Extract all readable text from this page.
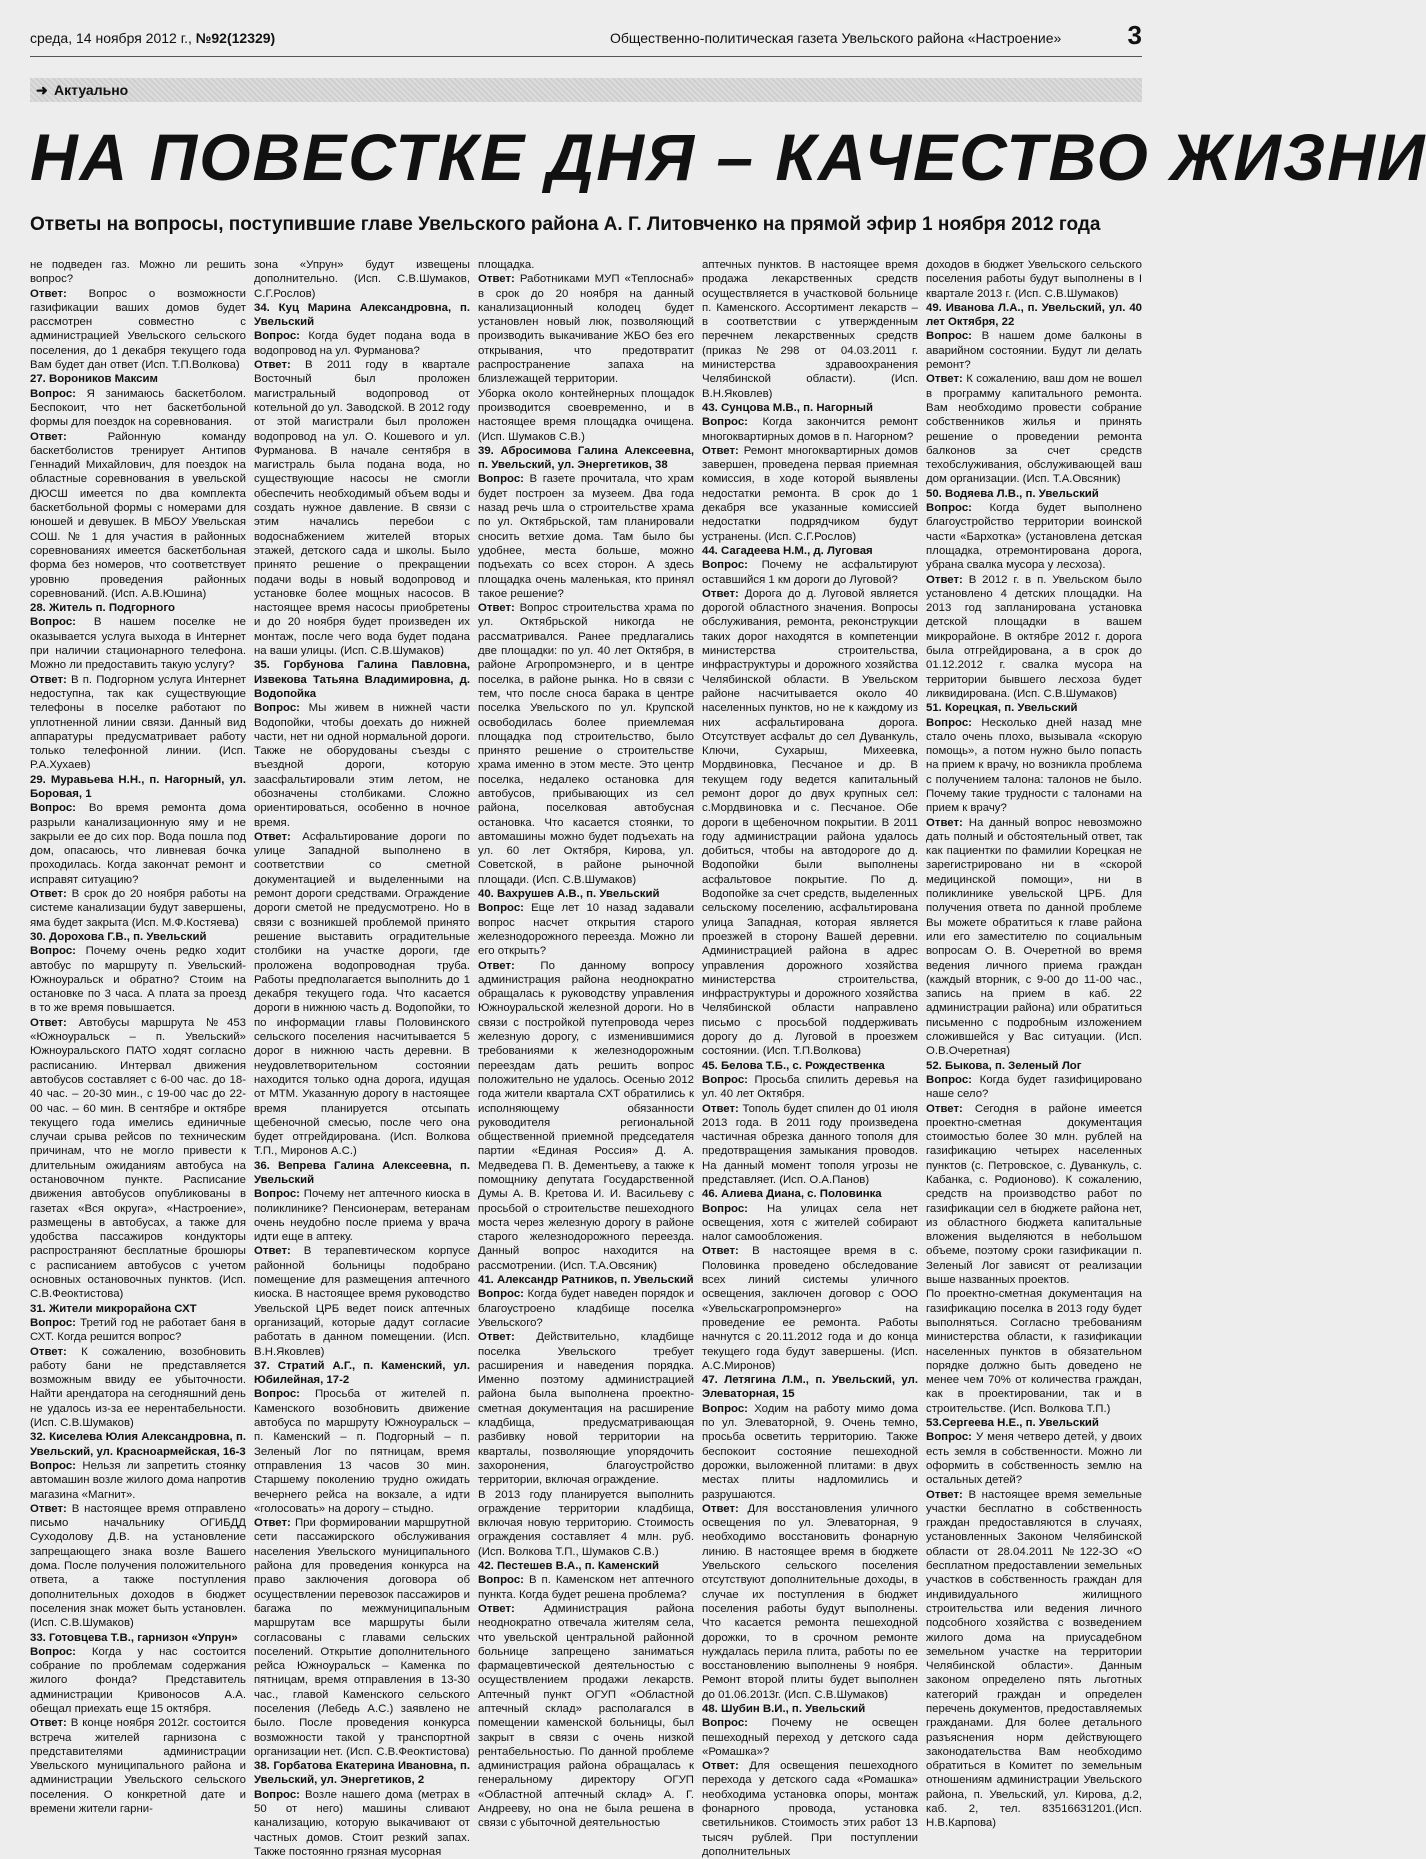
среда, 14 ноября 2012 г., №92(12329)	Общественно-политическая газета Увельского района «Настроение»	3
➜ Актуально
НА ПОВЕСТКЕ ДНЯ – КАЧЕСТВО ЖИЗНИ
Ответы на вопросы, поступившие главе Увельского района А. Г. Литовченко на прямой эфир 1 ноября 2012 года

не подведен газ. Можно ли решить вопрос?

Ответ: Вопрос о возможности газификации ваших домов будет рассмотрен совместно с администрацией Увельского сельского поселения, до 1 декабря текущего года Вам будет дан ответ (Исп. Т.П.Волкова)

27. Вороников Максим

Вопрос: Я занимаюсь баскетболом. Беспокоит, что нет баскетбольной формы для поездок на соревнования.

Ответ: Районную команду баскетболистов тренирует Антипов Геннадий Михайлович, для поездок на областные соревнования в увельской ДЮСШ имеется по два комплекта баскетбольной формы с номерами для юношей и девушек. В МБОУ Увельская СОШ. № 1 для участия в районных соревнованиях имеется баскетбольная форма без номеров, что соответствует уровню проведения районных соревнований. (Исп. А.В.Юшина)

28. Житель п. Подгорного

Вопрос: В нашем поселке не оказывается услуга выхода в Интернет при наличии стационарного телефона. Можно ли предоставить такую услугу?

Ответ: В п. Подгорном услуга Интернет недоступна, так как существующие телефоны в поселке работают по уплотненной линии связи. Данный вид аппаратуры предусматривает работу только телефонной линии. (Исп. Р.А.Хухаев)

29. Муравьева Н.Н., п. Нагорный, ул. Боровая, 1

Вопрос: Во время ремонта дома разрыли канализационную яму и не закрыли ее до сих пор. Вода пошла под дом, опасаюсь, что ливневая бочка проходилась. Когда закончат ремонт и исправят ситуацию?

Ответ: В срок до 20 ноября работы на системе канализации будут завершены, яма будет закрыта (Исп. М.Ф.Костяева)

30. Дорохова Г.В., п. Увельский

Вопрос: Почему очень редко ходит автобус по маршруту п. Увельский-Южноуральск и обратно? Стоим на остановке по 3 часа. А плата за проезд в то же время повышается.

Ответ: Автобусы маршрута №453 «Южноуральск – п. Увельский» Южноуральского ПАТО ходят согласно расписанию. Интервал движения автобусов составляет с 6-00 час. до 18-40 час. – 20-30 мин., с 19-00 час до 22-00 час. – 60 мин. В сентябре и октябре текущего года имелись единичные случаи срыва рейсов по техническим причинам, что не могло привести к длительным ожиданиям автобуса на остановочном пункте. Расписание движения автобусов опубликованы в газетах «Вся округа», «Настроение», размещены в автобусах, а также для удобства пассажиров кондукторы распространяют бесплатные брошюры с расписанием автобусов с учетом основных остановочных пунктов. (Исп. С.В.Феоктистова)

31. Жители микрорайона СХТ

Вопрос: Третий год не работает баня в СХТ. Когда решится вопрос?

Ответ: К сожалению, возобновить работу бани не представляется возможным ввиду ее убыточности. Найти арендатора на сегодняшний день не удалось из-за ее нерентабельности. (Исп. С.В.Шумаков)

32. Киселева Юлия Александровна, п. Увельский, ул. Красноармейская, 16-3

Вопрос: Нельзя ли запретить стоянку автомашин возле жилого дома напротив магазина «Магнит».

Ответ: В настоящее время отправлено письмо начальнику ОГИБДД Суходолову Д.В. на установление запрещающего знака возле Вашего дома. После получения положительного ответа, а также поступления дополнительных доходов в бюджет поселения знак может быть установлен. (Исп. С.В.Шумаков)

33. Готовцева Т.В., гарнизон «Упрун»

Вопрос: Когда у нас состоится собрание по проблемам содержания жилого фонда? Представитель администрации Кривоносов А.А. обещал приехать еще 15 октября.

Ответ: В конце ноября 2012г. состоится встреча жителей гарнизона с представителями администрации Увельского муниципального района и администрации Увельского сельского поселения. О конкретной дате и времени жители гарни-

зона «Упрун» будут извещены дополнительно. (Исп. С.В.Шумаков, С.Г.Рослов)

34. Куц Марина Александровна, п. Увельский

Вопрос: Когда будет подана вода в водопровод на ул. Фурманова?

Ответ: В 2011 году в квартале Восточный был проложен магистральный водопровод от котельной до ул. Заводской. В 2012 году от этой магистрали был проложен водопровод на ул. О. Кошевого и ул. Фурманова. В начале сентября в магистраль была подана вода, но существующие насосы не смогли обеспечить необходимый объем воды и создать нужное давление. В связи с этим начались перебои с водоснабжением жителей вторых этажей, детского сада и школы. Было принято решение о прекращении подачи воды в новый водопровод и установке более мощных насосов. В настоящее время насосы приобретены и до 20 ноября будет произведен их монтаж, после чего вода будет подана на ваши улицы. (Исп. С.В.Шумаков)

35. Горбунова Галина Павловна, Извекова Татьяна Владимировна, д. Водопойка

Вопрос: Мы живем в нижней части Водопойки, чтобы доехать до нижней части, нет ни одной нормальной дороги. Также не оборудованы съезды с въездной дороги, которую заасфальтировали этим летом, не обозначены столбиками. Сложно ориентироваться, особенно в ночное время.

Ответ: Асфальтирование дороги по улице Западной выполнено в соответствии со сметной документацией и выделенными на ремонт дороги средствами. Ограждение дороги сметой не предусмотрено. Но в связи с возникшей проблемой принято решение выставить оградительные столбики на участке дороги, где проложена водопроводная труба. Работы предполагается выполнить до 1 декабря текущего года. Что касается дороги в нижнюю часть д. Водопойки, то по информации главы Половинского сельского поселения насчитывается 5 дорог в нижнюю часть деревни. В неудовлетворительном состоянии находится только одна дорога, идущая от МТМ. Указанную дорогу в настоящее время планируется отсыпать щебеночной смесью, после чего она будет отгрейдирована. (Исп. Волкова Т.П., Миронов А.С.)

36. Вепрева Галина Алексеевна, п. Увельский

Вопрос: Почему нет аптечного киоска в поликлинике? Пенсионерам, ветеранам очень неудобно после приема у врача идти еще в аптеку.

Ответ: В терапевтическом корпусе районной больницы подобрано помещение для размещения аптечного киоска. В настоящее время руководство Увельской ЦРБ ведет поиск аптечных организаций, которые дадут согласие работать в данном помещении. (Исп. В.Н.Яковлев)

37. Стратий А.Г., п. Каменский, ул. Юбилейная, 17-2

Вопрос: Просьба от жителей п. Каменского возобновить движение автобуса по маршруту Южноуральск – п. Каменский – п. Подгорный – п. Зеленый Лог по пятницам, время отправления 13 часов 30 мин. Старшему поколению трудно ожидать вечернего рейса на вокзале, а идти «голосовать» на дорогу – стыдно.

Ответ: При формировании маршрутной сети пассажирского обслуживания населения Увельского муниципального района для проведения конкурса на право заключения договора об осуществлении перевозок пассажиров и багажа по межмуниципальным маршрутам все маршруты были согласованы с главами сельских поселений. Открытие дополнительного рейса Южноуральск – Каменка по пятницам, время отправления в 13-30 час., главой Каменского сельского поселения (Лебедь А.С.) заявлено не было. После проведения конкурса возможности такой у транспортной организации нет. (Исп. С.В.Феоктистова)

38. Горбатова Екатерина Ивановна, п. Увельский, ул. Энергетиков, 2

Вопрос: Возле нашего дома (метрах в 50 от него) машины сливают канализацию, которую выкачивают от частных домов. Стоит резкий запах. Также постоянно грязная мусорная

площадка.

Ответ: Работниками МУП «Теплоснаб» в срок до 20 ноября на данный канализационный колодец будет установлен новый люк, позволяющий производить выкачивание ЖБО без его открывания, что предотвратит распространение запаха на близлежащей территории.

Уборка около контейнерных площадок производится своевременно, и в настоящее время площадка очищена. (Исп. Шумаков С.В.)

39. Абросимова Галина Алексеевна, п. Увельский, ул. Энергетиков, 38

Вопрос: В газете прочитала, что храм будет построен за музеем. Два года назад речь шла о строительстве храма по ул. Октябрьской, там планировали сносить ветхие дома. Там было бы удобнее, места больше, можно подъехать со всех сторон. А здесь площадка очень маленькая, кто принял такое решение?

Ответ: Вопрос строительства храма по ул. Октябрьской никогда не рассматривался. Ранее предлагались две площадки: по ул. 40 лет Октября, в районе Агропромэнерго, и в центре поселка, в районе рынка. Но в связи с тем, что после сноса барака в центре поселка Увельского по ул. Крупской освободилась более приемлемая площадка под строительство, было принято решение о строительстве храма именно в этом месте. Это центр поселка, недалеко остановка для автобусов, прибывающих из сел района, поселковая автобусная остановка. Что касается стоянки, то автомашины можно будет подъехать на ул. 60 лет Октября, Кирова, ул. Советской, в районе рыночной площади. (Исп. С.В.Шумаков)

40. Вахрушев А.В., п. Увельский

Вопрос: Еще лет 10 назад задавали вопрос насчет открытия старого железнодорожного переезда. Можно ли его открыть?

Ответ: По данному вопросу администрация района неоднократно обращалась к руководству управления Южноуральской железной дороги. Но в связи с постройкой путепровода через железную дорогу, с изменившимися требованиями к железнодорожным переездам дать решить вопрос положительно не удалось. Осенью 2012 года жители квартала СХТ обратились к исполняющему обязанности руководителя региональной общественной приемной председателя партии «Единая Россия» Д. А. Медведева П. В. Дементьеву, а также к помощнику депутата Государственной Думы А. В. Кретова И. И. Васильеву с просьбой о строительстве пешеходного моста через железную дорогу в районе старого железнодорожного переезда. Данный вопрос находится на рассмотрении. (Исп. Т.А.Овсяник)

41. Александр Ратников, п. Увельский

Вопрос: Когда будет наведен порядок и благоустроено кладбище поселка Увельского?

Ответ: Действительно, кладбище поселка Увельского требует расширения и наведения порядка. Именно поэтому администрацией района была выполнена проектно-сметная документация на расширение кладбища, предусматривающая разбивку новой территории на кварталы, позволяющие упорядочить захоронения, благоустройство территории, включая ограждение.

В 2013 году планируется выполнить ограждение территории кладбища, включая новую территорию. Стоимость ограждения составляет 4 млн. руб. (Исп. Волкова Т.П., Шумаков С.В.)

42. Пестешев В.А., п. Каменский

Вопрос: В п. Каменском нет аптечного пункта. Когда будет решена проблема?

Ответ: Администрация района неоднократно отвечала жителям села, что увельской центральной районной больнице запрещено заниматься фармацевтической деятельностью с осуществлением продажи лекарств. Аптечный пункт ОГУП «Областной аптечный склад» располагался в помещении каменской больницы, был закрыт в связи с очень низкой рентабельностью. По данной проблеме администрация района обращалась к генеральному директору ОГУП «Областной аптечный склад» А. Г. Андрееву, но она не была решена в связи с убыточной деятельностью

аптечных пунктов. В настоящее время продажа лекарственных средств осуществляется в участковой больнице п. Каменского. Ассортимент лекарств – в соответствии с утвержденным перечнем лекарственных средств (приказ №298 от 04.03.2011 г. министерства здравоохранения Челябинской области). (Исп. В.Н.Яковлев)

43. Сунцова М.В., п. Нагорный

Вопрос: Когда закончится ремонт многоквартирных домов в п. Нагорном?

Ответ: Ремонт многоквартирных домов завершен, проведена первая приемная комиссия, в ходе которой выявлены недостатки ремонта. В срок до 1 декабря все указанные комиссией недостатки подрядчиком будут устранены. (Исп. С.Г.Рослов)

44. Сагадеева Н.М., д. Луговая

Вопрос: Почему не асфальтируют оставшийся 1 км дороги до Луговой?

Ответ: Дорога до д. Луговой является дорогой областного значения. Вопросы обслуживания, ремонта, реконструкции таких дорог находятся в компетенции министерства строительства, инфраструктуры и дорожного хозяйства Челябинской области. В Увельском районе насчитывается около 40 населенных пунктов, но не к каждому из них асфальтирована дорога. Отсутствует асфальт до сел Дуванкуль, Ключи, Сухарыш, Михеевка, Мордвиновка, Песчаное и др. В текущем году ведется капитальный ремонт дорог до двух крупных сел: с.Мордвиновка и с. Песчаное. Обе дороги в щебеночном покрытии. В 2011 году администрации района удалось добиться, чтобы на автодороге до д. Водопойки были выполнены асфальтовое покрытие. По д. Водопойке за счет средств, выделенных сельскому поселению, асфальтирована улица Западная, которая является проезжей в сторону Вашей деревни. Администрацией района в адрес управления дорожного хозяйства министерства строительства, инфраструктуры и дорожного хозяйства Челябинской области направлено письмо с просьбой поддерживать дорогу до д. Луговой в проезжем состоянии. (Исп. Т.П.Волкова)

45. Белова Т.Б., с. Рождественка

Вопрос: Просьба спилить деревья на ул. 40 лет Октября.

Ответ: Тополь будет спилен до 01 июля 2013 года. В 2011 году произведена частичная обрезка данного тополя для предотвращения замыкания проводов. На данный момент тополя угрозы не представляет. (Исп. О.А.Панов)

46. Алиева Диана, с. Половинка

Вопрос: На улицах села нет освещения, хотя с жителей собирают налог самообложения.

Ответ: В настоящее время в с. Половинка проведено обследование всех линий системы уличного освещения, заключен договор с ООО «Увельскагропромэнерго» на проведение ее ремонта. Работы начнутся с 20.11.2012 года и до конца текущего года будут завершены. (Исп. А.С.Миронов)

47. Летягина Л.М., п. Увельский, ул. Элеваторная, 15

Вопрос: Ходим на работу мимо дома по ул. Элеваторной, 9. Очень темно, просьба осветить территорию. Также беспокоит состояние пешеходной дорожки, выложенной плитами: в двух местах плиты надломились и разрушаются.

Ответ: Для восстановления уличного освещения по ул. Элеваторная, 9 необходимо восстановить фонарную линию. В настоящее время в бюджете Увельского сельского поселения отсутствуют дополнительные доходы, в случае их поступления в бюджет поселения работы будут выполнены. Что касается ремонта пешеходной дорожки, то в срочном ремонте нуждалась перила плита, работы по ее восстановлению выполнены 9 ноября. Ремонт второй плиты будет выполнен до 01.06.2013г. (Исп. С.В.Шумаков)

48. Шубин В.И., п. Увельский

Вопрос: Почему не освещен пешеходный переход у детского сада «Ромашка»?

Ответ: Для освещения пешеходного перехода у детского сада «Ромашка» необходима установка опоры, монтаж фонарного провода, установка светильников. Стоимость этих работ 13 тысяч рублей. При поступлении дополнительных

доходов в бюджет Увельского сельского поселения работы будут выполнены в I квартале 2013 г. (Исп. С.В.Шумаков)

49. Иванова Л.А., п. Увельский, ул. 40 лет Октября, 22

Вопрос: В нашем доме балконы в аварийном состоянии. Будут ли делать ремонт?

Ответ: К сожалению, ваш дом не вошел в программу капитального ремонта. Вам необходимо провести собрание собственников жилья и принять решение о проведении ремонта балконов за счет средств техобслуживания, обслуживающей ваш дом организации. (Исп. Т.А.Овсяник)

50. Водяева Л.В., п. Увельский

Вопрос: Когда будет выполнено благоустройство территории воинской части «Бархотка» (установлена детская площадка, отремонтирована дорога, убрана свалка мусора у лесхоза).

Ответ: В 2012 г. в п. Увельском было установлено 4 детских площадки. На 2013 год запланирована установка детской площадки в вашем микрорайоне. В октябре 2012 г. дорога была отгрейдирована, а в срок до 01.12.2012 г. свалка мусора на территории бывшего лесхоза будет ликвидирована. (Исп. С.В.Шумаков)

51. Корецкая, п. Увельский

Вопрос: Несколько дней назад мне стало очень плохо, вызывала «скорую помощь», а потом нужно было попасть на прием к врачу, но возникла проблема с получением талона: талонов не было. Почему такие трудности с талонами на прием к врачу?

Ответ: На данный вопрос невозможно дать полный и обстоятельный ответ, так как пациентки по фамилии Корецкая не зарегистрировано ни в «скорой медицинской помощи», ни в поликлинике увельской ЦРБ. Для получения ответа по данной проблеме Вы можете обратиться к главе района или его заместителю по социальным вопросам О. В. Очеретной во время ведения личного приема граждан (каждый вторник, с 9-00 до 11-00 час., запись на прием в каб. 22 администрации района) или обратиться письменно с подробным изложением сложившейся у Вас ситуации. (Исп. О.В.Очеретная)

52. Быкова, п. Зеленый Лог

Вопрос: Когда будет газифицировано наше село?

Ответ: Сегодня в районе имеется проектно-сметная документация стоимостью более 30 млн. рублей на газификацию четырех населенных пунктов (с. Петровское, с. Дуванкуль, с. Кабанка, с. Родионово). К сожалению, средств на производство работ по газификации сел в бюджете района нет, из областного бюджета капитальные вложения выделяются в небольшом объеме, поэтому сроки газификации п. Зеленый Лог зависят от реализации выше названных проектов.

По проектно-сметная документация на газификацию поселка в 2013 году будет выполняться. Согласно требованиям министерства области, к газификации населенных пунктов в обязательном порядке должно быть доведено не менее чем 70% от количества граждан, как в проектировании, так и в строительстве. (Исп. Волкова Т.П.)

53.Сергеева Н.Е., п. Увельский

Вопрос: У меня четверо детей, у двоих есть земля в собственности. Можно ли оформить в собственность землю на остальных детей?

Ответ: В настоящее время земельные участки бесплатно в собственность граждан предоставляются в случаях, установленных Законом Челябинской области от 28.04.2011 №122-ЗО «О бесплатном предоставлении земельных участков в собственность граждан для индивидуального жилищного строительства или ведения личного подсобного хозяйства с возведением жилого дома на приусадебном земельном участке на территории Челябинской области». Данным законом определено пять льготных категорий граждан и определен перечень документов, предоставляемых гражданами. Для более детального разъяснения норм действующего законодательства Вам необходимо обратиться в Комитет по земельным отношениям администрации Увельского района, п. Увельский, ул. Кирова, д.2, каб. 2, тел. 83516631201.(Исп. Н.В.Карпова)
